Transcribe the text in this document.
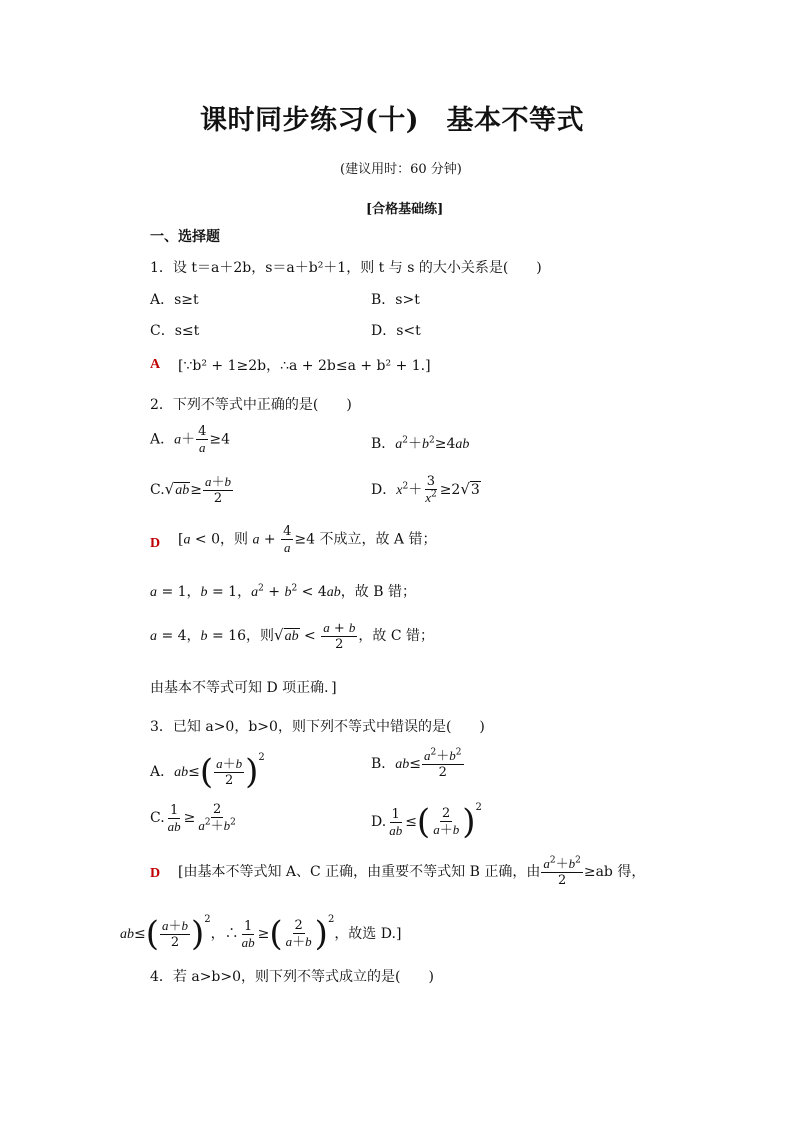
课时同步练习(十)　基本不等式
(建议用时：60 分钟)
[合格基础练]
一、选择题
1．设 t＝a＋2b，s＝a＋b²＋1，则 t 与 s 的大小关系是(　　)
A．s≥t	B．s>t
C．s≤t	D．s<t
A [∵b² + 1≥2b，∴a + 2b≤a + b² + 1.]
2．下列不等式中正确的是(　　)
A．$a+ \frac{4}{a} \ge 4$	B．$a^2+b^2\ge 4ab$
$C.√ab\ge \frac{a+b}{2}$	D．$x^2+ \frac{3}{x^2} \ge 2√3$
D [a < 0，则 $a + \frac{4}{a} \ge 4$ 不成立，故 A 错；
a = 1，b = 1，$a^2 + b^2 < 4ab$，故 B 错；
a = 4，b = 16，则$√ab < \frac{a + b}{2}$ ，故 C 错；
由基本不等式可知 D 项正确．]
3．已知 a>0，b>0，则下列不等式中错误的是(　　)
A．$ab\le( \frac{a+b}{2} )^2$	B．$ab\le \frac{a^2+b^2}{2}$
C. $\frac{1}{ab} \ge \frac{2}{a^2+b^2}$	D. $\frac{1}{ab}$ ≤( $\frac{2}{a+b} )^2$
D [由基本不等式知 A、C 正确，由重要不等式知 B 正确，由 $\frac{a^2+b^2}{2} \ge ab$ 得，
$ab\le( \frac{a+b}{2} )^2$，∴ $\frac{1}{ab}$ ≥( $\frac{2}{a+b} )^2$，故选 D.]
4．若 a>b>0，则下列不等式成立的是(　　)
